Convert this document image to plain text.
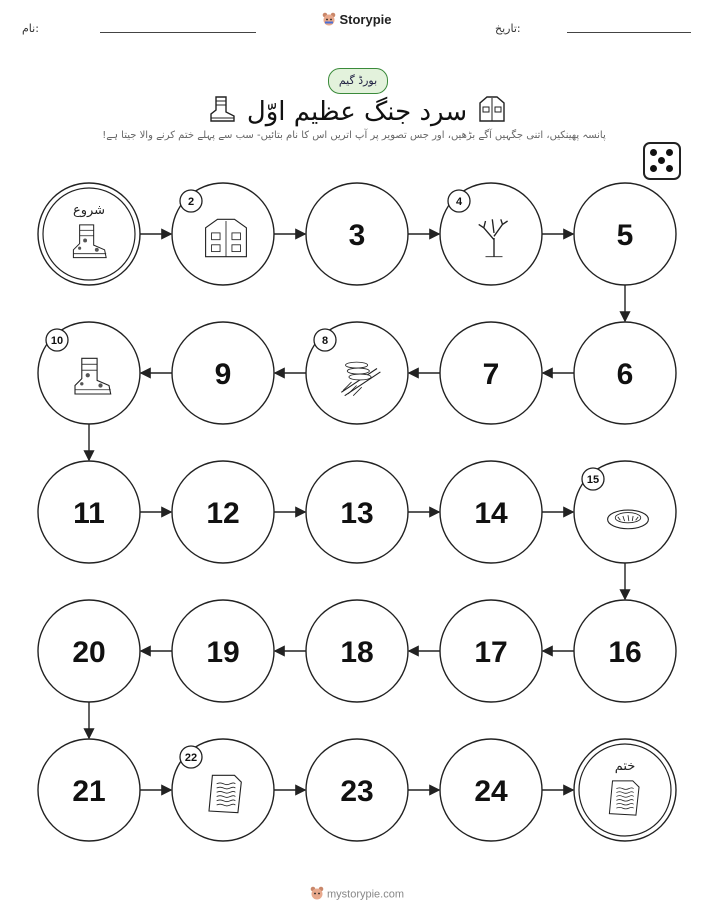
نام:	تاریخ:
Storypie
بورڈ گیم
سرد جنگ عظیم اوّل
پانسہ پھینکیں، اتنی جگہیں آگے بڑھیں، اور جس تصویر پر آپ اتریں اس کا نام بتائیں- سب سے پہلے ختم کرنے والا جیتا ہے!
شروع
2
3
4
5
6
7
8
9
10
11	12	13	14
15
16
17
18
19
20
21
22
23	24
ختم
mystorypie.com
